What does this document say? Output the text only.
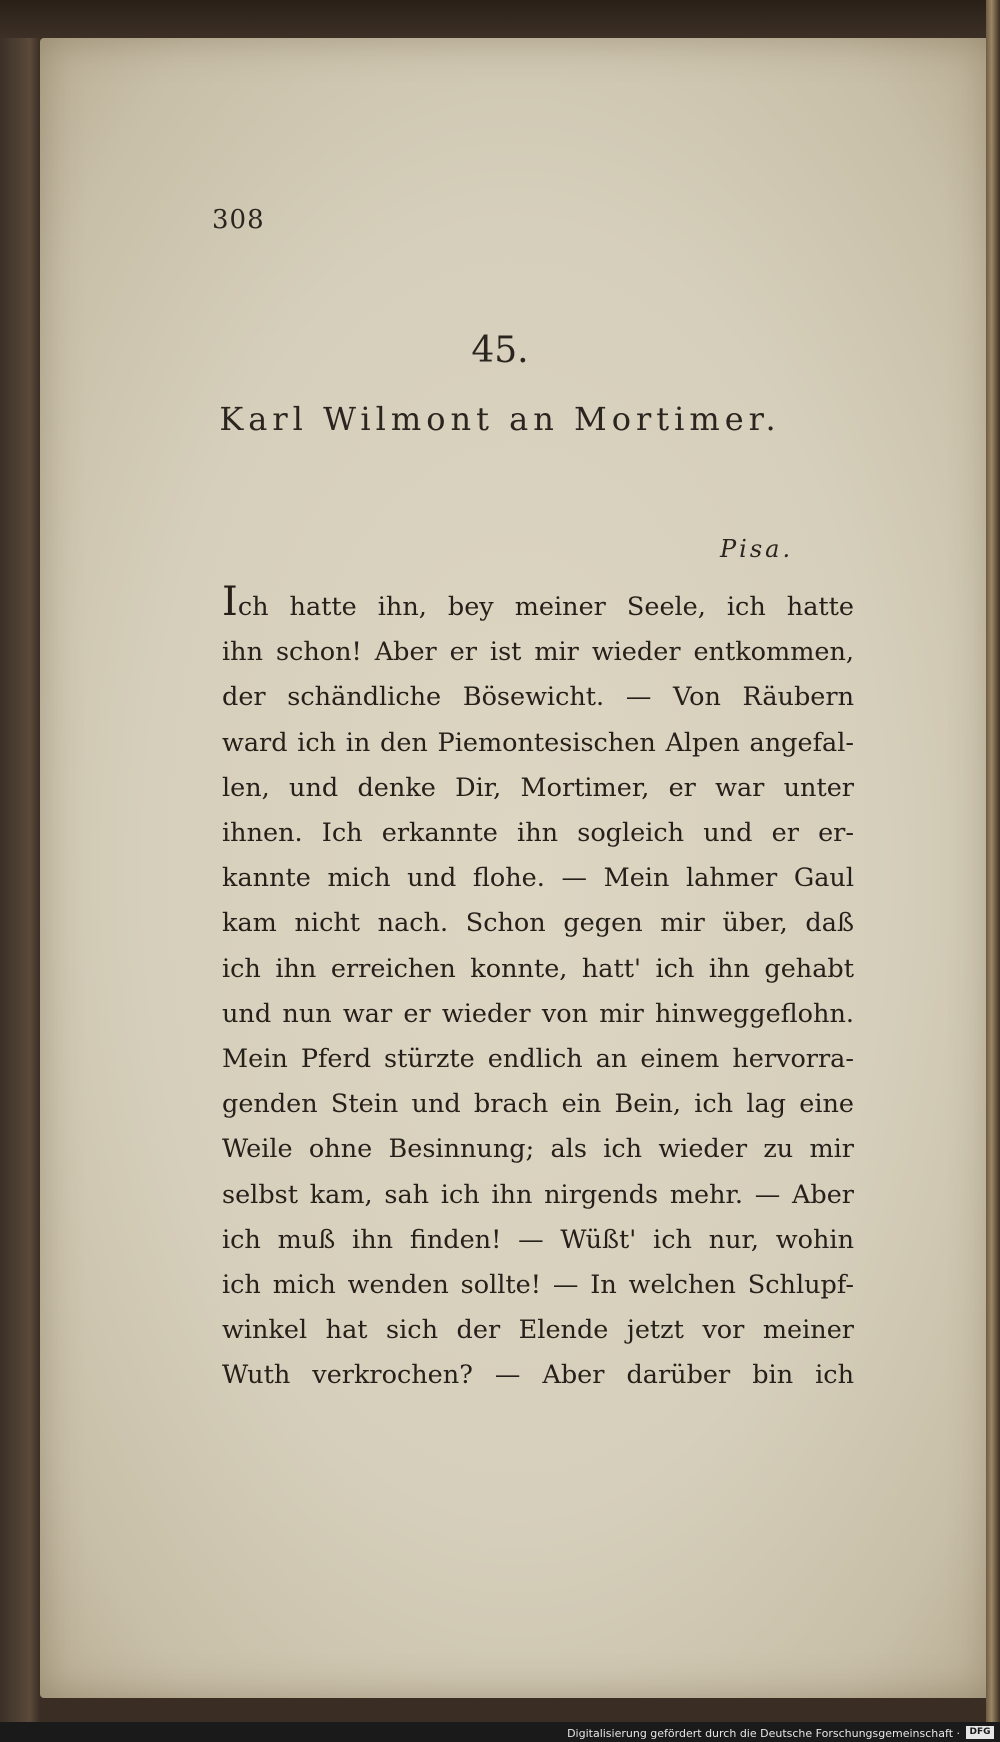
308
45.
Karl Wilmont an Mortimer.
Pisa.
Ich hatte ihn, bey meiner Seele, ich hatte
ihn schon! Aber er ist mir wieder entkommen,
der schändliche Bösewicht. — Von Räubern
ward ich in den Piemontesischen Alpen angefal-
len, und denke Dir, Mortimer, er war unter
ihnen. Ich erkannte ihn sogleich und er er-
kannte mich und flohe. — Mein lahmer Gaul
kam nicht nach. Schon gegen mir über, daß
ich ihn erreichen konnte, hatt' ich ihn gehabt
und nun war er wieder von mir hinweggeflohn.
Mein Pferd stürzte endlich an einem hervorra-
genden Stein und brach ein Bein, ich lag eine
Weile ohne Besinnung; als ich wieder zu mir
selbst kam, sah ich ihn nirgends mehr. — Aber
ich muß ihn finden! — Wüßt' ich nur, wohin
ich mich wenden sollte! — In welchen Schlupf-
winkel hat sich der Elende jetzt vor meiner
Wuth verkrochen? — Aber darüber bin ich
Digitalisierung gefördert durch die Deutsche Forschungsgemeinschaft ·	DFG
